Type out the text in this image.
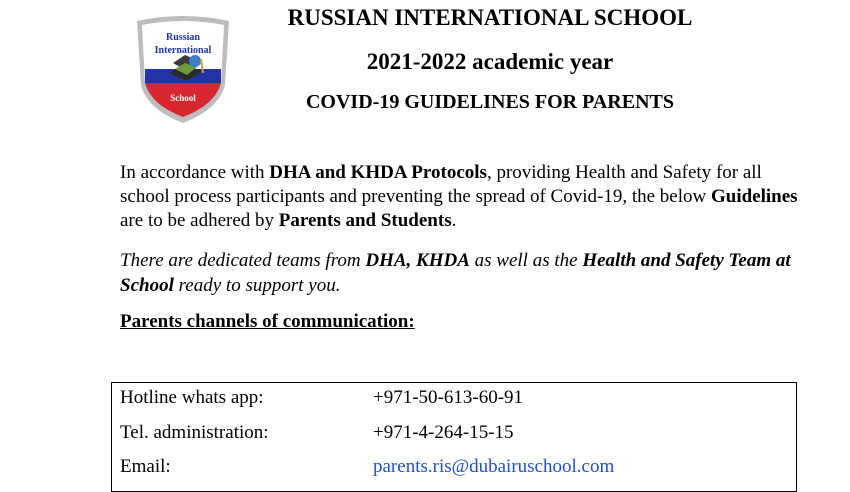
Russian
International
School
RUSSIAN INTERNATIONAL SCHOOL
2021-2022 academic year
COVID-19 GUIDELINES FOR PARENTS
In accordance with DHA and KHDA Protocols, providing Health and Safety for all school process participants and preventing the spread of Covid-19, the below Guidelines are to be adhered by Parents and Students.
There are dedicated teams from DHA, KHDA as well as the Health and Safety Team at School ready to support you.
Parents channels of communication:
Hotline whats app:	+971-50-613-60-91
Tel. administration:	+971-4-264-15-15
Email:	parents.ris@dubairuschool.com
